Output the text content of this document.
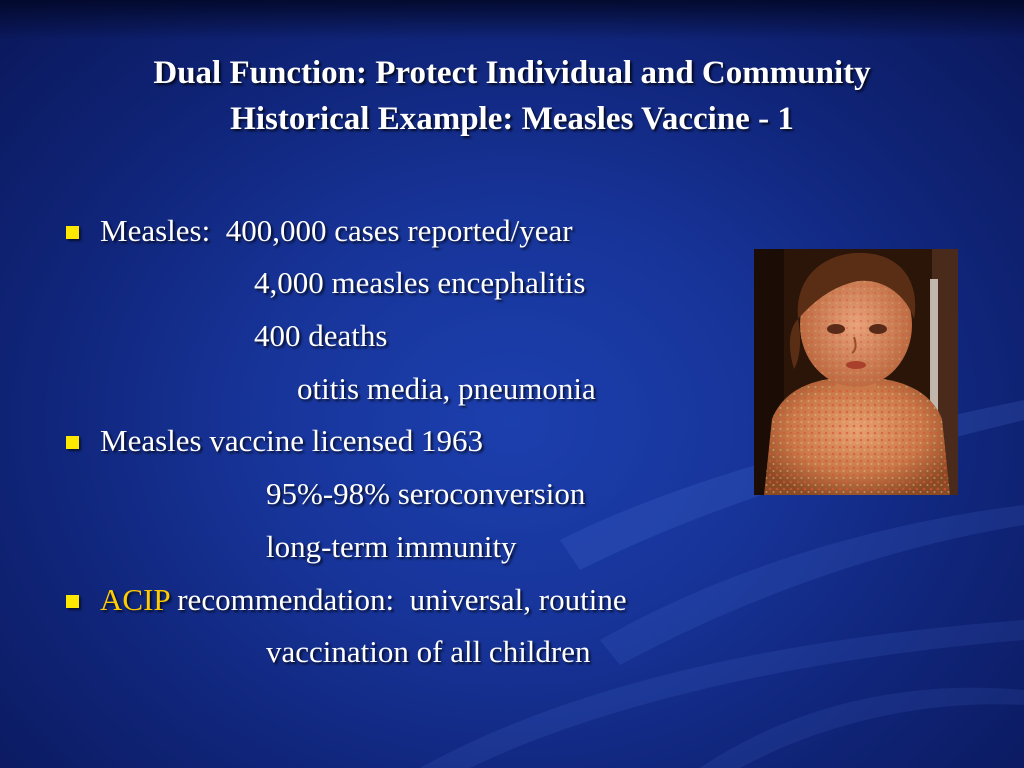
Dual Function: Protect Individual and Community
Historical Example: Measles Vaccine - 1
Measles:  400,000 cases reported/year
4,000 measles encephalitis
400 deaths
otitis media, pneumonia
Measles vaccine licensed 1963
95%-98% seroconversion
long-term immunity
ACIP recommendation:  universal, routine
vaccination of all children
